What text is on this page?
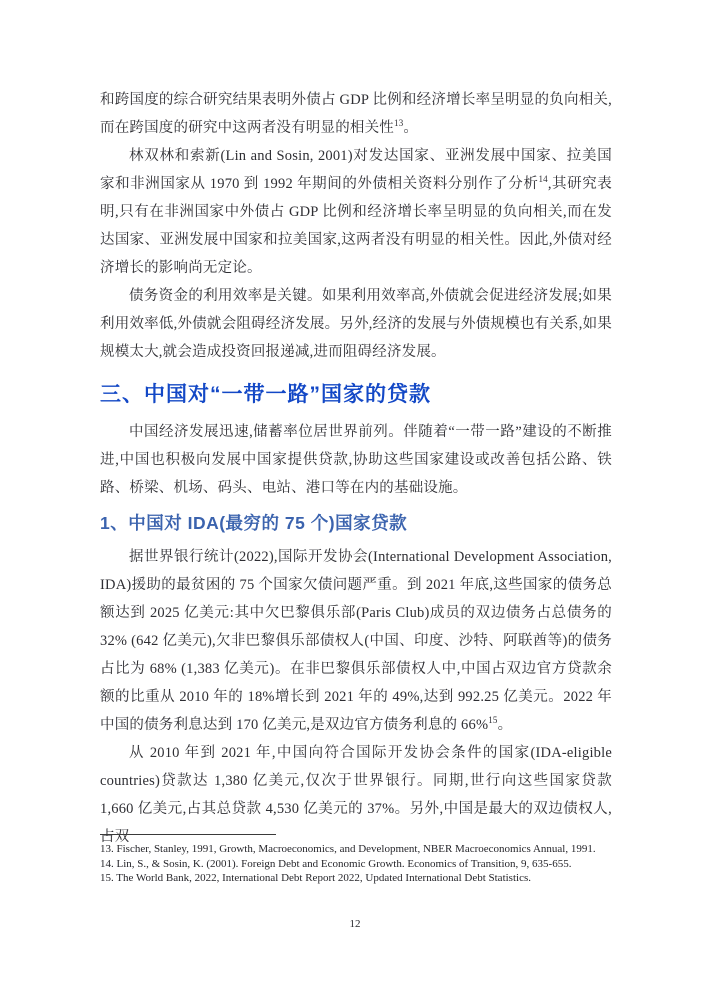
和跨国度的综合研究结果表明外债占 GDP 比例和经济增长率呈明显的负向相关,而在跨国度的研究中这两者没有明显的相关性$^{13}$。

林双林和索新(Lin and Sosin, 2001)对发达国家、亚洲发展中国家、拉美国家和非洲国家从 1970 到 1992 年期间的外债相关资料分别作了分析$^{14}$,其研究表明,只有在非洲国家中外债占 GDP 比例和经济增长率呈明显的负向相关,而在发达国家、亚洲发展中国家和拉美国家,这两者没有明显的相关性。因此,外债对经济增长的影响尚无定论。

债务资金的利用效率是关键。如果利用效率高,外债就会促进经济发展;如果利用效率低,外债就会阻碍经济发展。另外,经济的发展与外债规模也有关系,如果规模太大,就会造成投资回报递减,进而阻碍经济发展。

三、中国对“一带一路”国家的贷款

中国经济发展迅速,储蓄率位居世界前列。伴随着“一带一路”建设的不断推进,中国也积极向发展中国家提供贷款,协助这些国家建设或改善包括公路、铁路、桥梁、机场、码头、电站、港口等在内的基础设施。

1、中国对 IDA(最穷的 75 个)国家贷款

据世界银行统计(2022),国际开发协会(International Development Association, IDA)援助的最贫困的 75 个国家欠债问题严重。到 2021 年底,这些国家的债务总额达到 2025 亿美元:其中欠巴黎俱乐部(Paris Club)成员的双边债务占总债务的 32% (642 亿美元),欠非巴黎俱乐部债权人(中国、印度、沙特、阿联酋等)的债务占比为 68% (1,383 亿美元)。在非巴黎俱乐部债权人中,中国占双边官方贷款余额的比重从 2010 年的 18%增长到 2021 年的 49%,达到 992.25 亿美元。2022 年中国的债务利息达到 170 亿美元,是双边官方债务利息的 66%$^{15}$。

从 2010 年到 2021 年,中国向符合国际开发协会条件的国家(IDA-eligible countries)贷款达 1,380 亿美元,仅次于世界银行。同期,世行向这些国家贷款 1,660 亿美元,占其总贷款 4,530 亿美元的 37%。另外,中国是最大的双边债权人,占双

13. Fischer, Stanley, 1991, Growth, Macroeconomics, and Development, NBER Macroeconomics Annual, 1991.

14. Lin, S., & Sosin, K. (2001). Foreign Debt and Economic Growth. Economics of Transition, 9, 635-655.

15. The World Bank, 2022, International Debt Report 2022, Updated International Debt Statistics.

12
